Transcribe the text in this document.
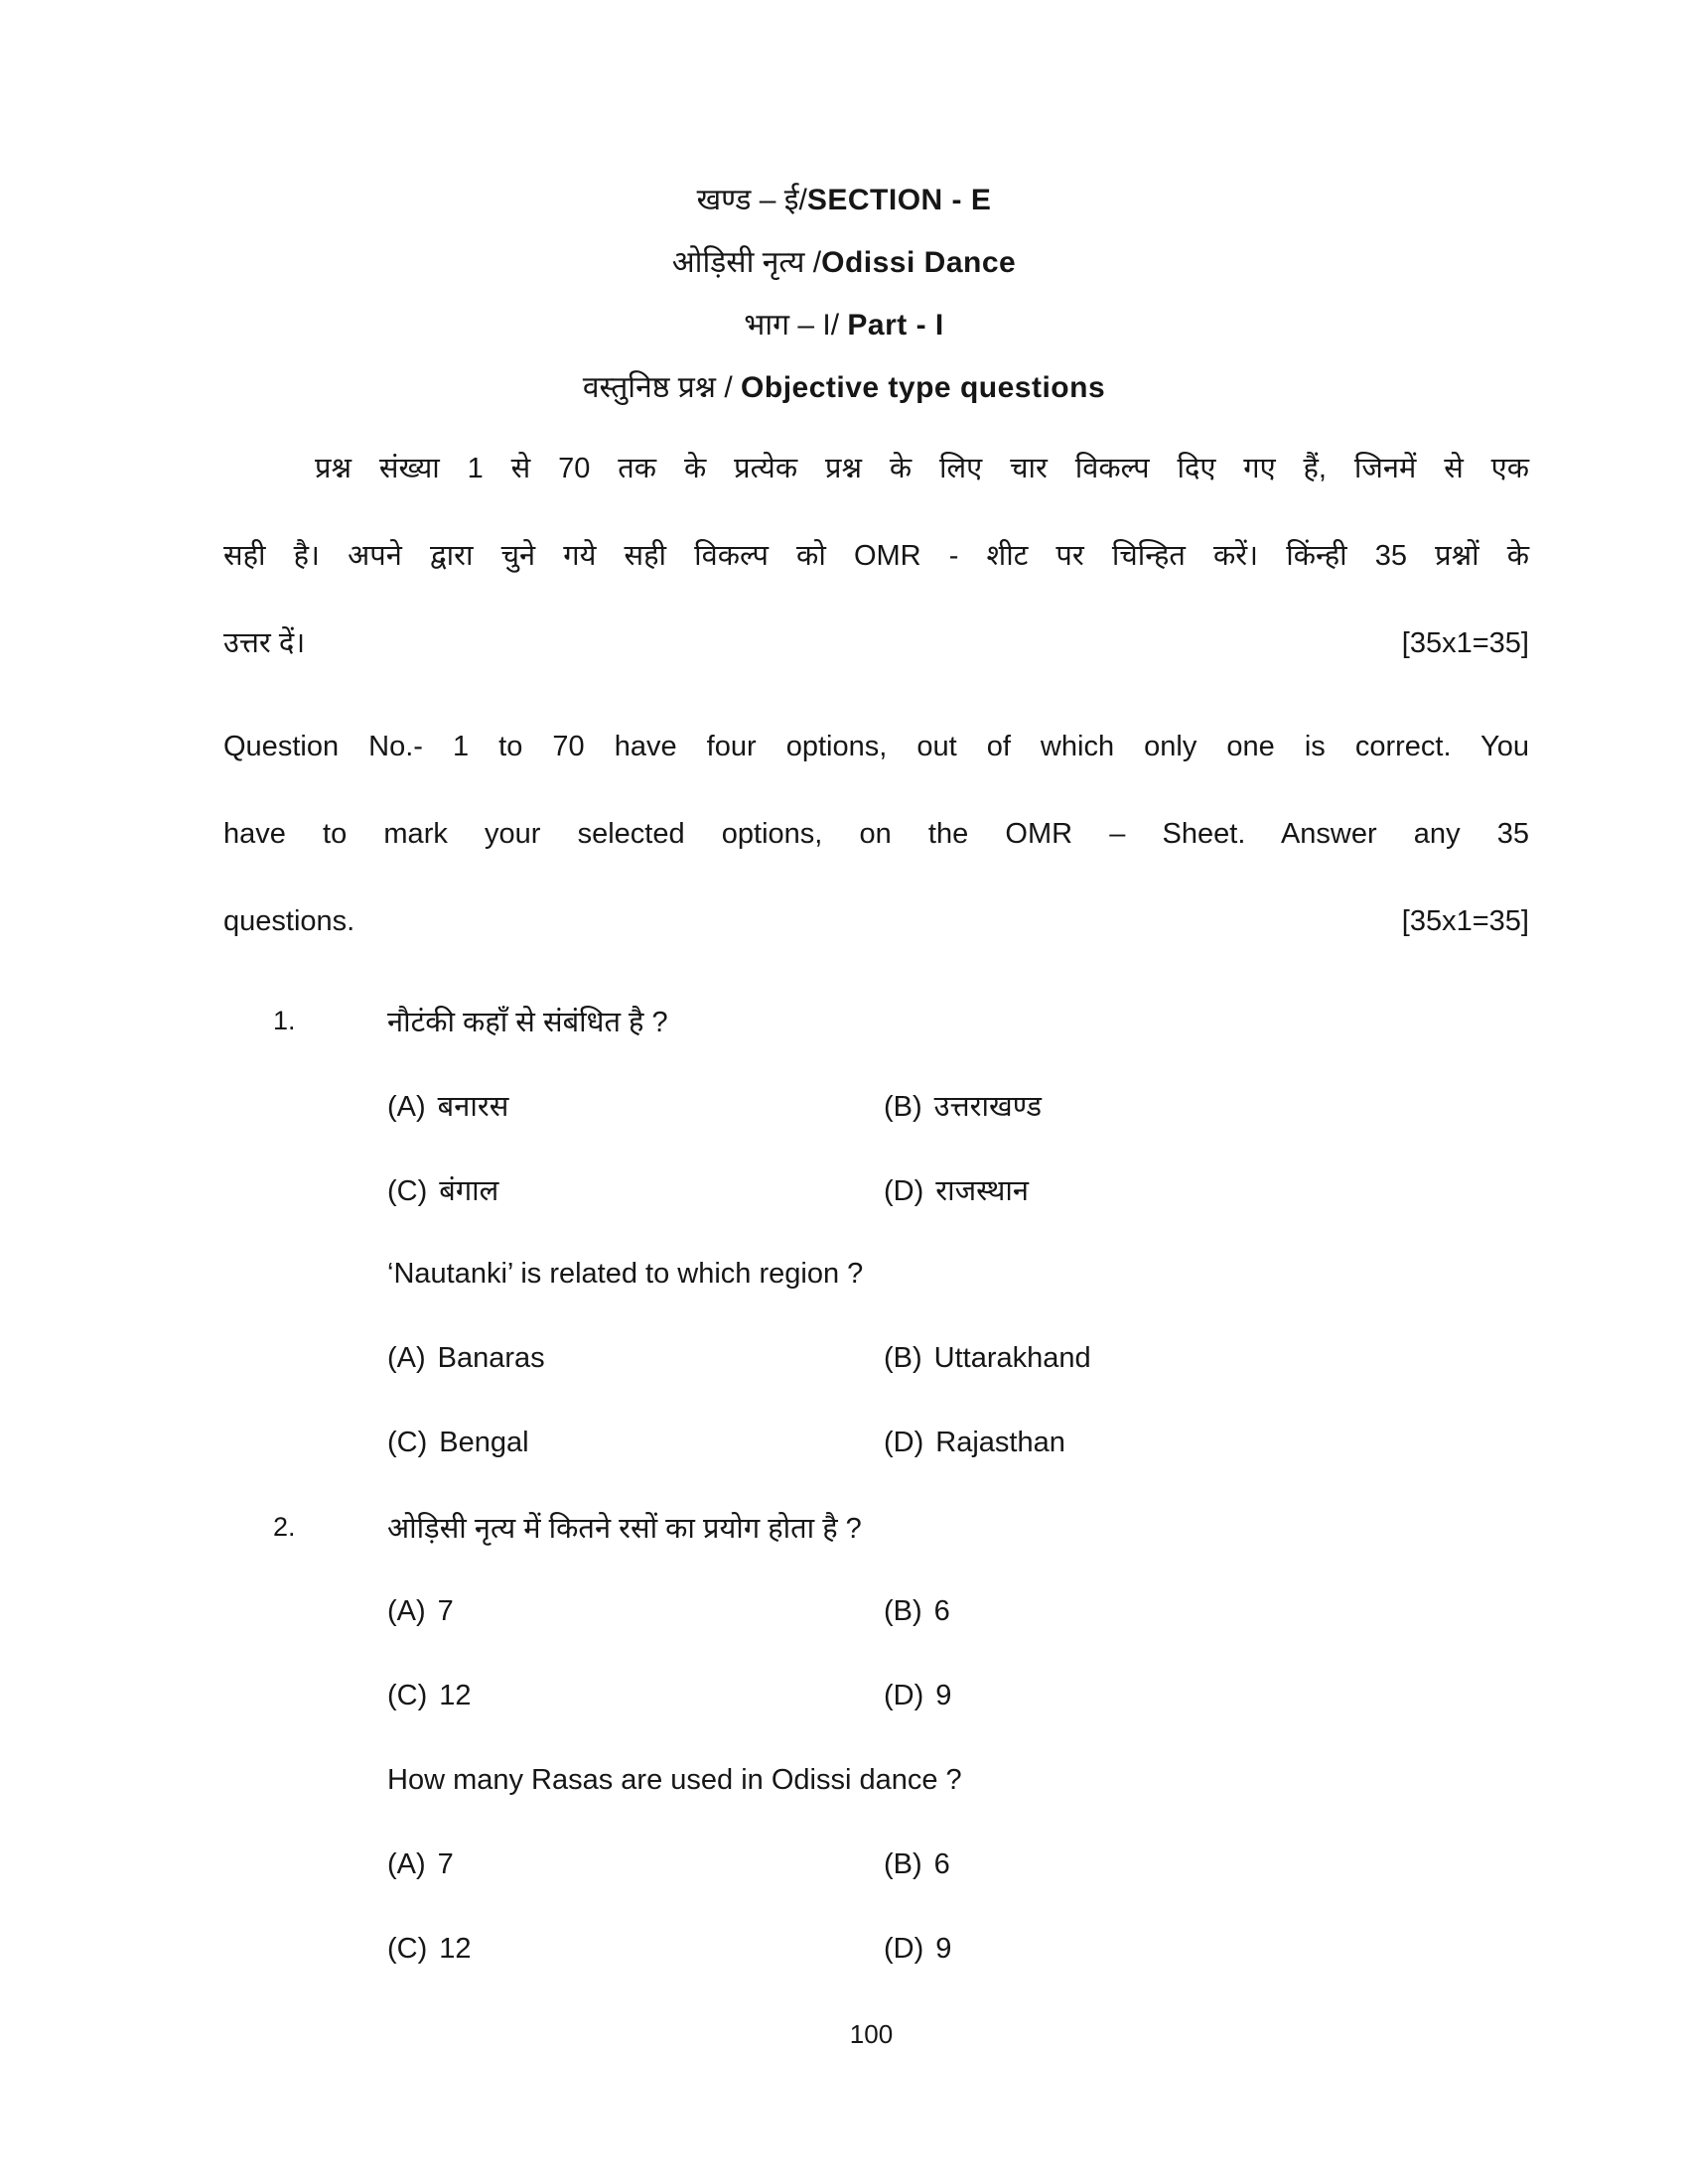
खण्ड – ई/SECTION - E
ओड़िसी नृत्य /Odissi Dance
भाग – I/ Part - I
वस्तुनिष्ठ प्रश्न / Objective type questions
प्रश्न संख्या 1 से 70 तक के प्रत्येक प्रश्न के लिए चार विकल्प दिए गए हैं, जिनमें से एक
सही है। अपने द्वारा चुने गये सही विकल्प को OMR - शीट पर चिन्हित करें। किंन्ही 35 प्रश्नों के
उत्तर दें।	[35x1=35]
Question No.- 1 to 70 have four options, out of which only one is correct. You
have to mark your selected options, on the OMR – Sheet. Answer any 35
questions.	[35x1=35]
1.	नौटंकी कहाँ से संबंधित है ?
(A) बनारस	(B) उत्तराखण्ड
(C) बंगाल	(D) राजस्थान
‘Nautanki’ is related to which region ?
(A) Banaras	(B) Uttarakhand
(C) Bengal	(D) Rajasthan
2.	ओड़िसी नृत्य में कितने रसों का प्रयोग होता है ?
(A) 7	(B) 6
(C) 12	(D) 9
How many Rasas are used in Odissi dance ?
(A) 7	(B) 6
(C) 12	(D) 9
100
